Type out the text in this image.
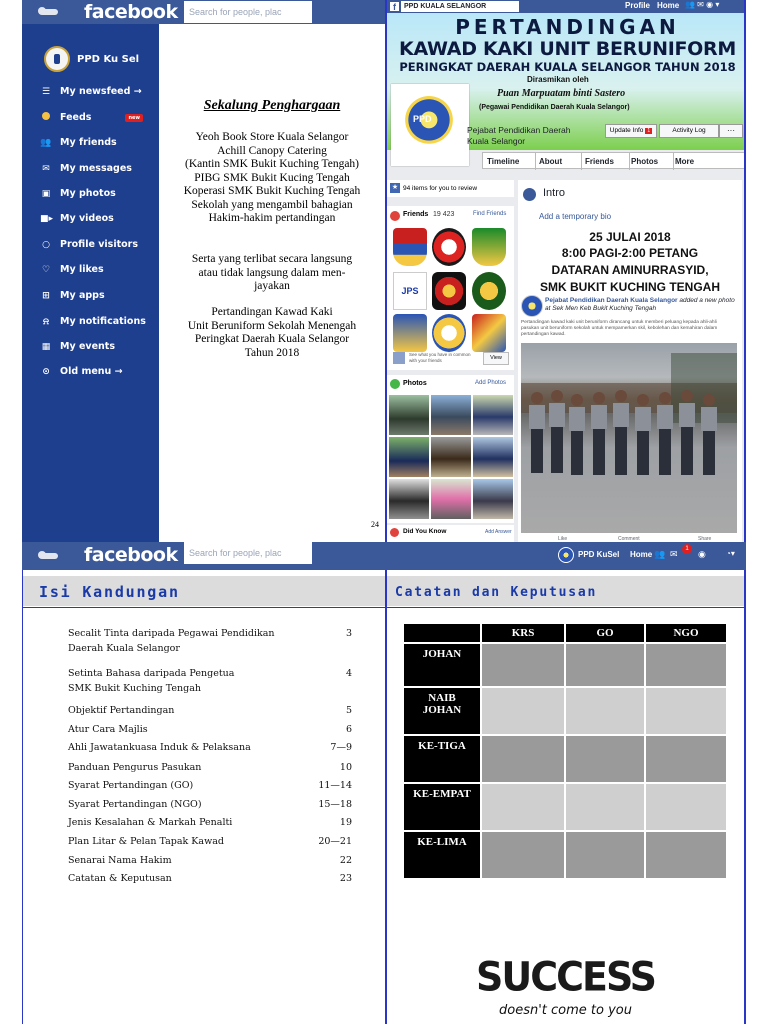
facebook	Search for people, plac
PPD Ku Sel
☰ My newsfeed →
Feeds	new
👥 My friends
✉ My messages
▣ My photos
■▸ My videos
○ Profile visitors
♡ My likes
⊞ My apps
⍾	My notifications
▦ My events
⊙ Old menu →
Sekalung Penghargaan

Yeoh Book Store Kuala Selangor

Achill Canopy Catering

(Kantin SMK Bukit Kuching Tengah)

PIBG SMK Bukit Kucing Tengah

Koperasi SMK Bukit Kuching Tengah

Sekolah yang mengambil bahagian

Hakim-hakim pertandingan

Serta yang terlibat secara langsung

atau tidak langsung dalam men-

jayakan

Pertandingan Kawad Kaki

Unit Beruniform Sekolah Menengah

Peringkat Daerah Kuala Selangor

Tahun 2018

24
f	PPD KUALA SELANGOR	Profile Home 👥 ✉ ◉ ▾
PERTANDINGAN
KAWAD KAKI UNIT BERUNIFORM
PERINGKAT DAERAH KUALA SELANGOR TAHUN 2018
Dirasmikan oleh
Puan Marpuatam binti Sastero
(Pegawai Pendidikan Daerah Kuala Selangor)
PPD
Pejabat Pendidikan Daerah Kuala Selangor
Update Info 1	Activity Log	···
Timeline	About	Friends	Photos	More
★ 94 items for you to review
Friends 19 423	Find Friends
JPS
See what you have in common with your friends	View
Photos	Add Photos
Did You Know	Add Answer
Intro
Add a temporary bio
25 JULAI 2018
8:00 PAGI-2:00 PETANG
DATARAN AMINURRASYID,
SMK BUKIT KUCHING TENGAH
Pejabat Pendidikan Daerah Kuala Selangor added a new photo at Sek Men Keb Bukit Kuching Tengah
Pertandingan kawad kaki unit beruniform dirancang untuk memberi peluang kepada ahli-ahli pasukan unit beruniform sekolah untuk mempamerkan skil, kebolehan dan kemahiran dalam pertandingan kawad.
Like	Comment	Share
facebook	Search for people, plac	PPD KuSel Home 👥 ✉	1	◉	◔▾
Isi Kandungan
Secalit Tinta daripada Pegawai Pendidikan	3
Daerah Kuala Selangor
Setinta Bahasa daripada Pengetua	4
SMK Bukit Kuching Tengah
Objektif Pertandingan	5
Atur Cara Majlis	6
Ahli Jawatankuasa Induk & Pelaksana	7—9
Panduan Pengurus Pasukan	10
Syarat Pertandingan (GO)	11—14
Syarat Pertandingan (NGO)	15—18
Jenis Kesalahan & Markah Penalti	19
Plan Litar & Pelan Tapak Kawad	20—21
Senarai Nama Hakim	22
Catatan & Keputusan	23
Catatan dan Keputusan
	KRS	GO	NGO
JOHAN			
NAIB
JOHAN			
KE-TIGA			
KE-EMPAT			
KE-LIMA			
SUCCESS
doesn't come to you
